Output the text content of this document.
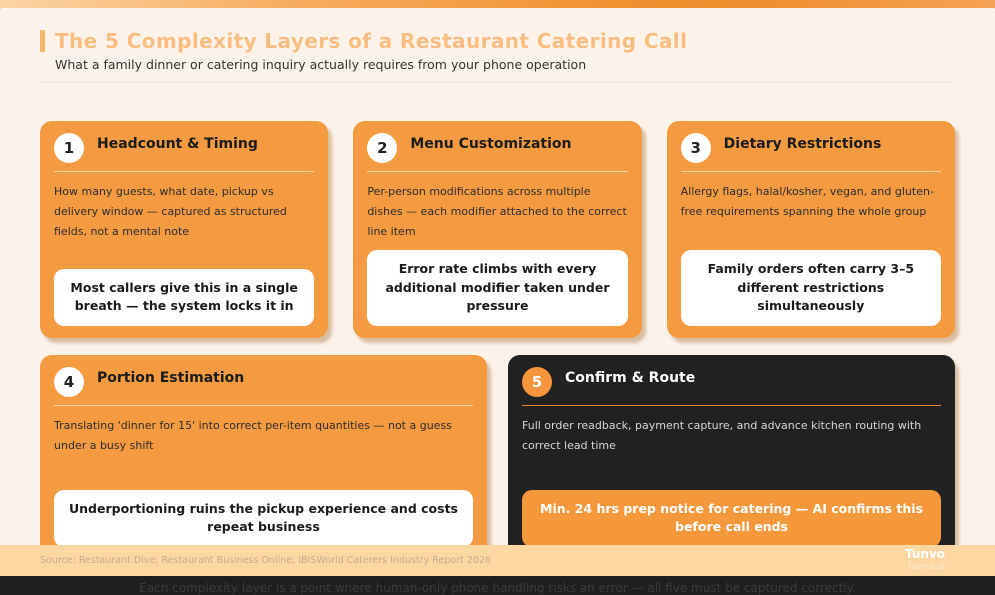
The 5 Complexity Layers of a Restaurant Catering Call
What a family dinner or catering inquiry actually requires from your phone operation
1	Headcount & Timing
How many guests, what date, pickup vs delivery window — captured as structured fields, not a mental note
Most callers give this in a single breath — the system locks it in
2	Menu Customization
Per-person modifications across multiple dishes — each modifier attached to the correct line item
Error rate climbs with every additional modifier taken under pressure
3	Dietary Restrictions
Allergy flags, halal/kosher, vegan, and gluten-free requirements spanning the whole group
Family orders often carry 3–5 different restrictions simultaneously
4	Portion Estimation
Translating 'dinner for 15' into correct per-item quantities — not a guess under a busy shift
Underportioning ruins the pickup experience and costs repeat business
5	Confirm & Route
Full order readback, payment capture, and advance kitchen routing with correct lead time
Min. 24 hrs prep notice for catering — AI confirms this before call ends
Each complexity layer is a point where human-only phone handling risks an error — all five must be captured correctly.
Source: Restaurant Dive; Restaurant Business Online; IBISWorld Caterers Industry Report 2026	Tunvo
tunvo.ai
